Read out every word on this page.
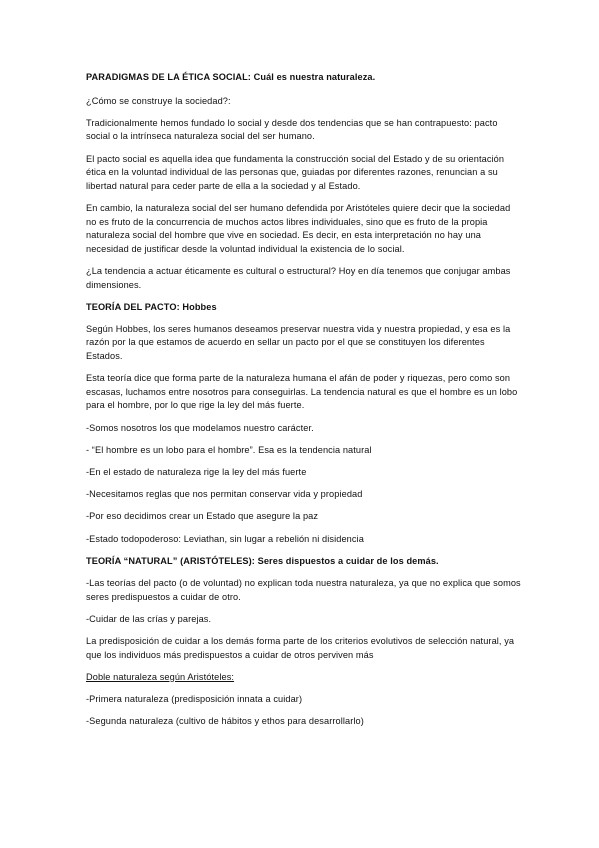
PARADIGMAS DE LA ÉTICA SOCIAL: Cuál es nuestra naturaleza.

¿Cómo se construye la sociedad?:

Tradicionalmente hemos fundado lo social y desde dos tendencias que se han contrapuesto: pacto social o la intrínseca naturaleza social del ser humano.

El pacto social es aquella idea que fundamenta la construcción social del Estado y de su orientación ética en la voluntad individual de las personas que, guiadas por diferentes razones, renuncian a su libertad natural para ceder parte de ella a la sociedad y al Estado.

En cambio, la naturaleza social del ser humano defendida por Aristóteles quiere decir que la sociedad no es fruto de la concurrencia de muchos actos libres individuales, sino que es fruto de la propia naturaleza social del hombre que vive en sociedad. Es decir, en esta interpretación no hay una necesidad de justificar desde la voluntad individual la existencia de lo social.

¿La tendencia a actuar éticamente es cultural o estructural? Hoy en día tenemos que conjugar ambas dimensiones.

TEORÍA DEL PACTO: Hobbes

Según Hobbes, los seres humanos deseamos preservar nuestra vida y nuestra propiedad, y esa es la razón por la que estamos de acuerdo en sellar un pacto por el que se constituyen los diferentes Estados.

Esta teoría dice que forma parte de la naturaleza humana el afán de poder y riquezas, pero como son escasas, luchamos entre nosotros para conseguirlas. La tendencia natural es que el hombre es un lobo para el hombre, por lo que rige la ley del más fuerte.

-Somos nosotros los que modelamos nuestro carácter.

- “El hombre es un lobo para el hombre”. Esa es la tendencia natural

-En el estado de naturaleza rige la ley del más fuerte

-Necesitamos reglas que nos permitan conservar vida y propiedad

-Por eso decidimos crear un Estado que asegure la paz

-Estado todopoderoso: Leviathan, sin lugar a rebelión ni disidencia

TEORÍA “NATURAL” (ARISTÓTELES): Seres dispuestos a cuidar de los demás.

-Las teorías del pacto (o de voluntad) no explican toda nuestra naturaleza, ya que no explica que somos seres predispuestos a cuidar de otro.

-Cuidar de las crías y parejas.

La predisposición de cuidar a los demás forma parte de los criterios evolutivos de selección natural, ya que los individuos más predispuestos a cuidar de otros perviven más

Doble naturaleza según Aristóteles:

-Primera naturaleza (predisposición innata a cuidar)

-Segunda naturaleza (cultivo de hábitos y ethos para desarrollarlo)
